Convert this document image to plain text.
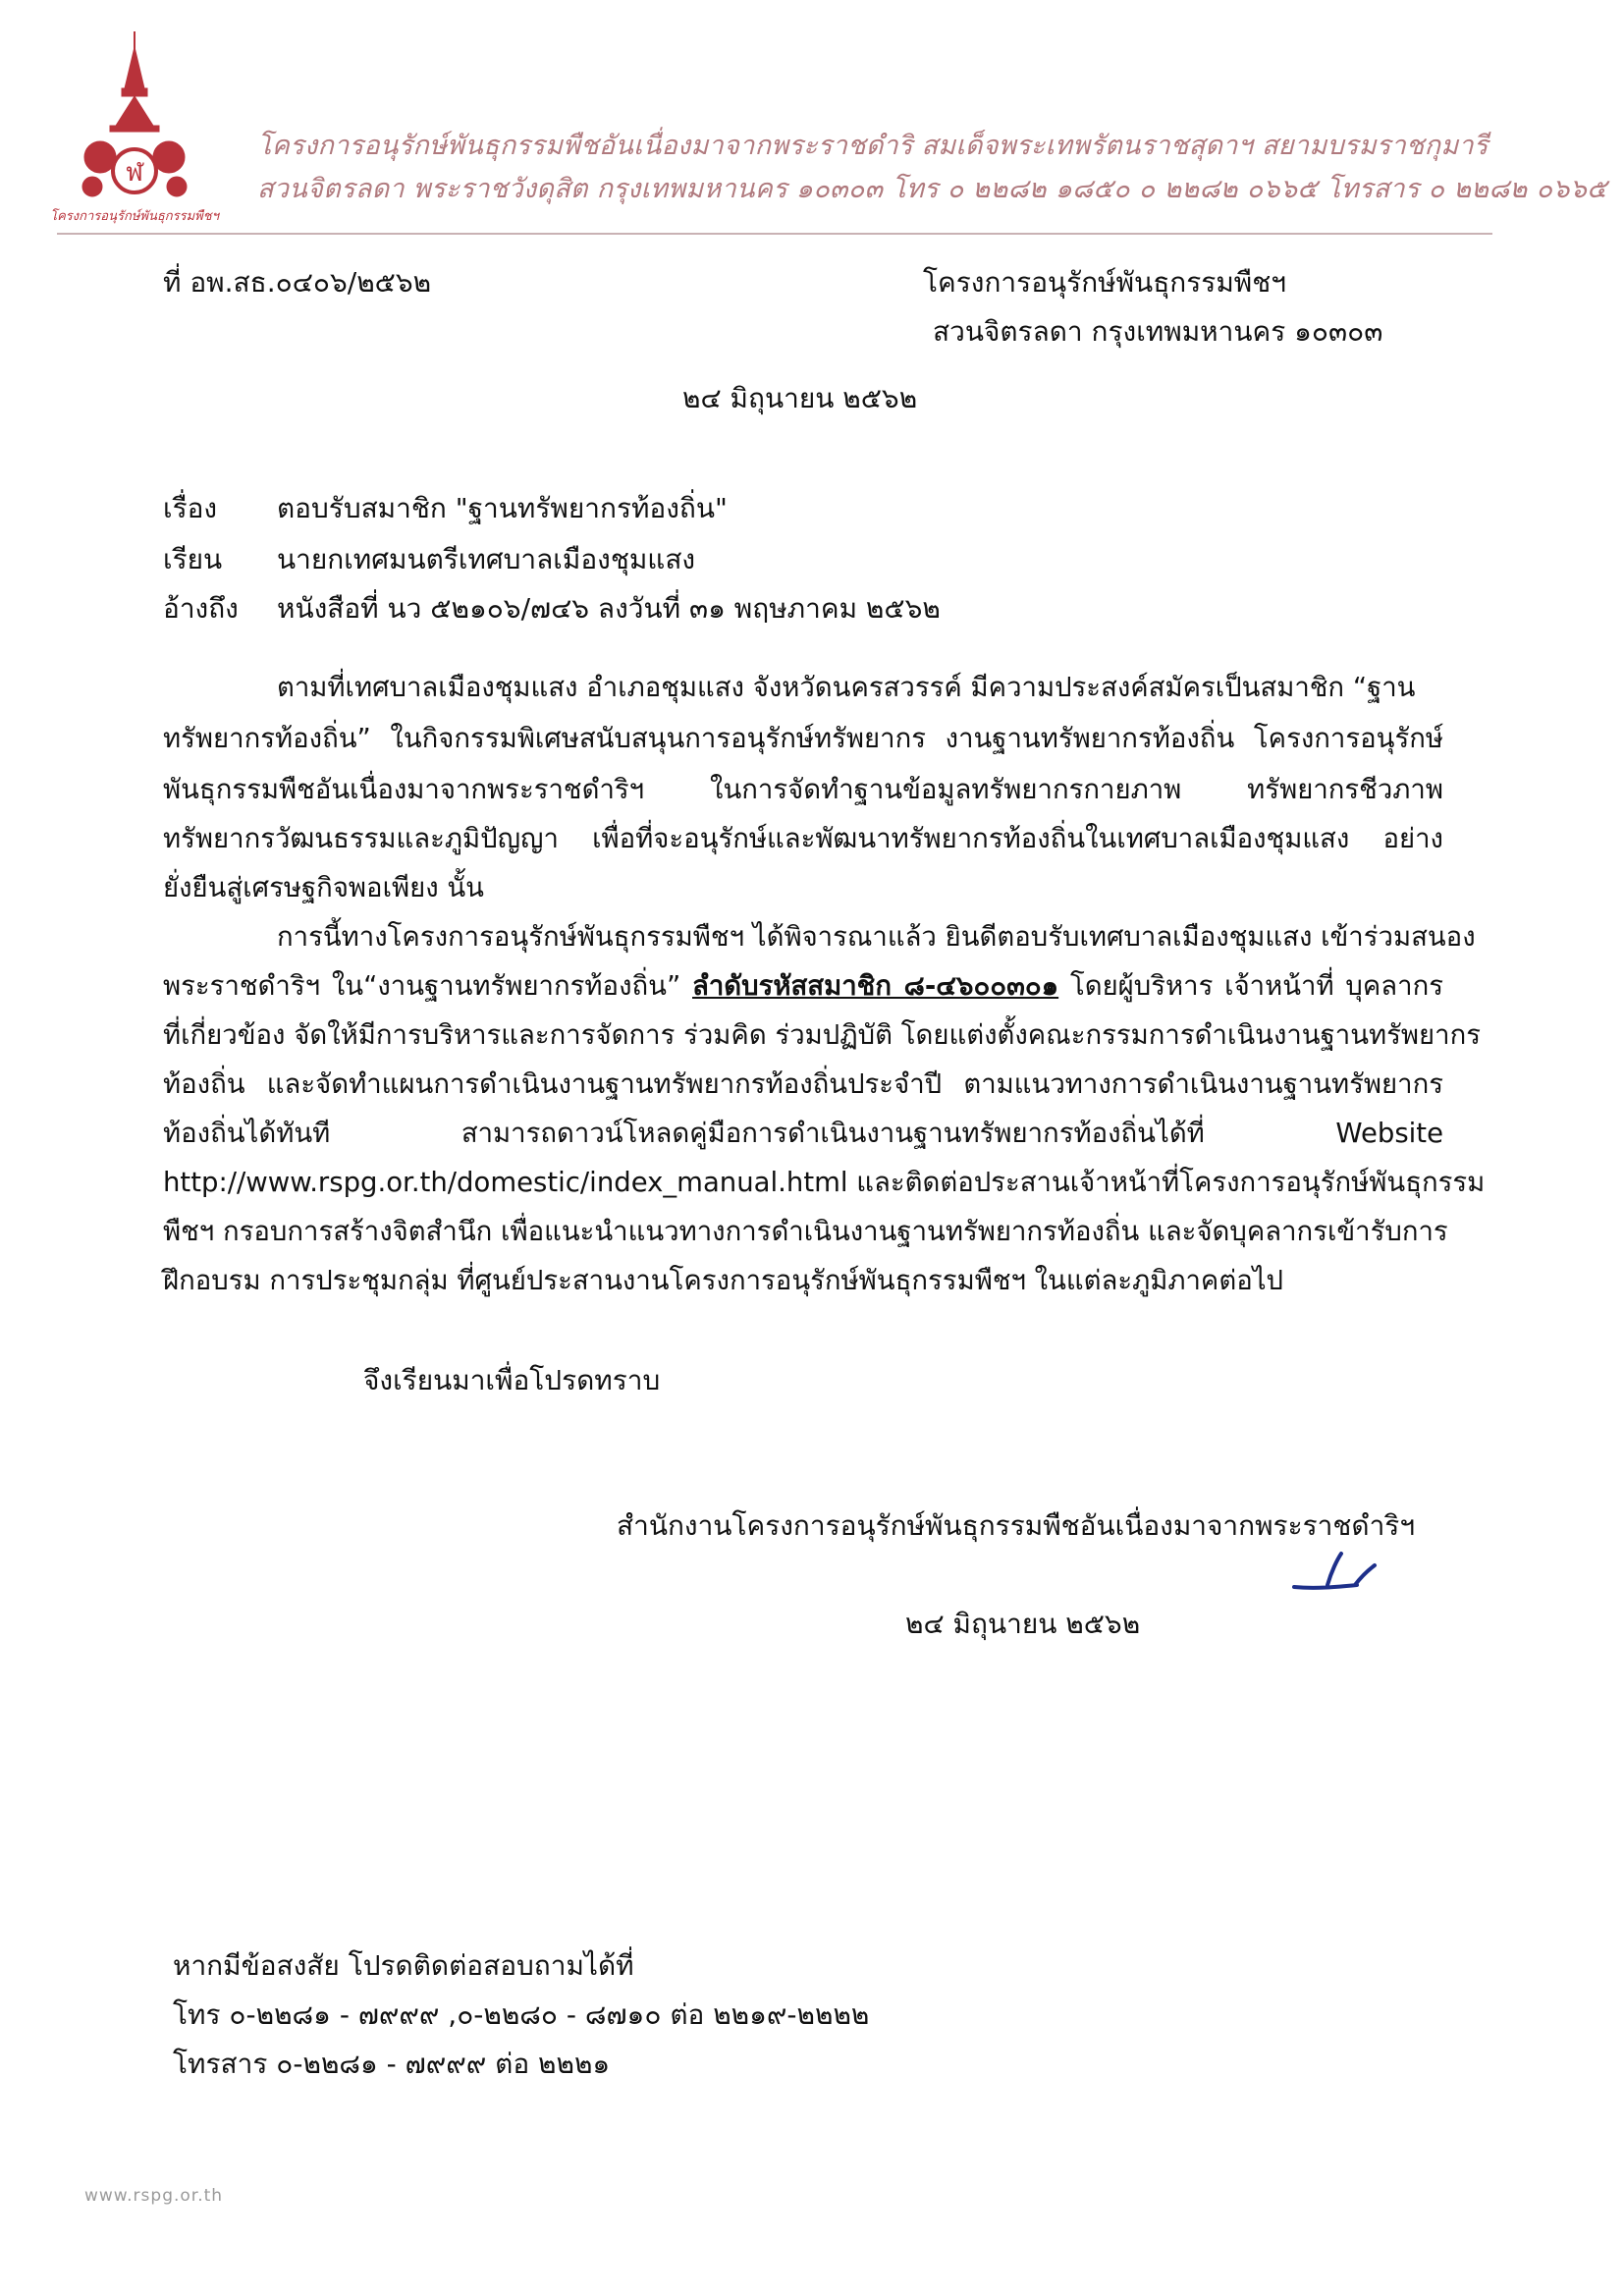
ฬ
โครงการอนุรักษ์พันธุกรรมพืชฯ
โครงการอนุรักษ์พันธุกรรมพืชอันเนื่องมาจากพระราชดำริ สมเด็จพระเทพรัตนราชสุดาฯ สยามบรมราชกุมารี
สวนจิตรลดา พระราชวังดุสิต กรุงเทพมหานคร ๑๐๓๐๓ โทร ๐ ๒๒๘๒ ๑๘๕๐ ๐ ๒๒๘๒ ๐๖๖๕ โทรสาร ๐ ๒๒๘๒ ๐๖๖๕
ที่ อพ.สธ.๐๔๐๖/๒๕๖๒	โครงการอนุรักษ์พันธุกรรมพืชฯ
สวนจิตรลดา กรุงเทพมหานคร ๑๐๓๐๓
๒๔ มิถุนายน ๒๕๖๒
เรื่อง ตอบรับสมาชิก "ฐานทรัพยากรท้องถิ่น"
เรียน นายกเทศมนตรีเทศบาลเมืองชุมแสง
อ้างถึง หนังสือที่ นว ๕๒๑๐๖/๗๔๖ ลงวันที่ ๓๑ พฤษภาคม ๒๕๖๒
ตามที่เทศบาลเมืองชุมแสง อำเภอชุมแสง จังหวัดนครสวรรค์ มีความประสงค์สมัครเป็นสมาชิก “ฐาน
ทรัพยากรท้องถิ่น” ในกิจกรรมพิเศษสนับสนุนการอนุรักษ์ทรัพยากร งานฐานทรัพยากรท้องถิ่น โครงการอนุรักษ์
พันธุกรรมพืชอันเนื่องมาจากพระราชดำริฯ ในการจัดทำฐานข้อมูลทรัพยากรกายภาพ ทรัพยากรชีวภาพ
ทรัพยากรวัฒนธรรมและภูมิปัญญา เพื่อที่จะอนุรักษ์และพัฒนาทรัพยากรท้องถิ่นในเทศบาลเมืองชุมแสง อย่าง
ยั่งยืนสู่เศรษฐกิจพอเพียง นั้น
การนี้ทางโครงการอนุรักษ์พันธุกรรมพืชฯ ได้พิจารณาแล้ว ยินดีตอบรับเทศบาลเมืองชุมแสง เข้าร่วมสนอง
พระราชดำริฯ ใน“งานฐานทรัพยากรท้องถิ่น” ลำดับรหัสสมาชิก ๘-๔๖๐๐๓๐๑ โดยผู้บริหาร เจ้าหน้าที่ บุคลากร
ที่เกี่ยวข้อง จัดให้มีการบริหารและการจัดการ ร่วมคิด ร่วมปฏิบัติ โดยแต่งตั้งคณะกรรมการดำเนินงานฐานทรัพยากร
ท้องถิ่น และจัดทำแผนการดำเนินงานฐานทรัพยากรท้องถิ่นประจำปี ตามแนวทางการดำเนินงานฐานทรัพยากร
ท้องถิ่นได้ทันที	สามารถดาวน์โหลดคู่มือการดำเนินงานฐานทรัพยากรท้องถิ่นได้ที่	Website
http://www.rspg.or.th/domestic/index_manual.html และติดต่อประสานเจ้าหน้าที่โครงการอนุรักษ์พันธุกรรม
พืชฯ กรอบการสร้างจิตสำนึก เพื่อแนะนำแนวทางการดำเนินงานฐานทรัพยากรท้องถิ่น และจัดบุคลากรเข้ารับการ
ฝึกอบรม การประชุมกลุ่ม ที่ศูนย์ประสานงานโครงการอนุรักษ์พันธุกรรมพืชฯ ในแต่ละภูมิภาคต่อไป
จึงเรียนมาเพื่อโปรดทราบ
สำนักงานโครงการอนุรักษ์พันธุกรรมพืชอันเนื่องมาจากพระราชดำริฯ
๒๔ มิถุนายน ๒๕๖๒
หากมีข้อสงสัย โปรดติดต่อสอบถามได้ที่
โทร ๐-๒๒๘๑ - ๗๙๙๙ ,๐-๒๒๘๐ - ๘๗๑๐ ต่อ ๒๒๑๙-๒๒๒๒
โทรสาร ๐-๒๒๘๑ - ๗๙๙๙ ต่อ ๒๒๒๑
www.rspg.or.th
